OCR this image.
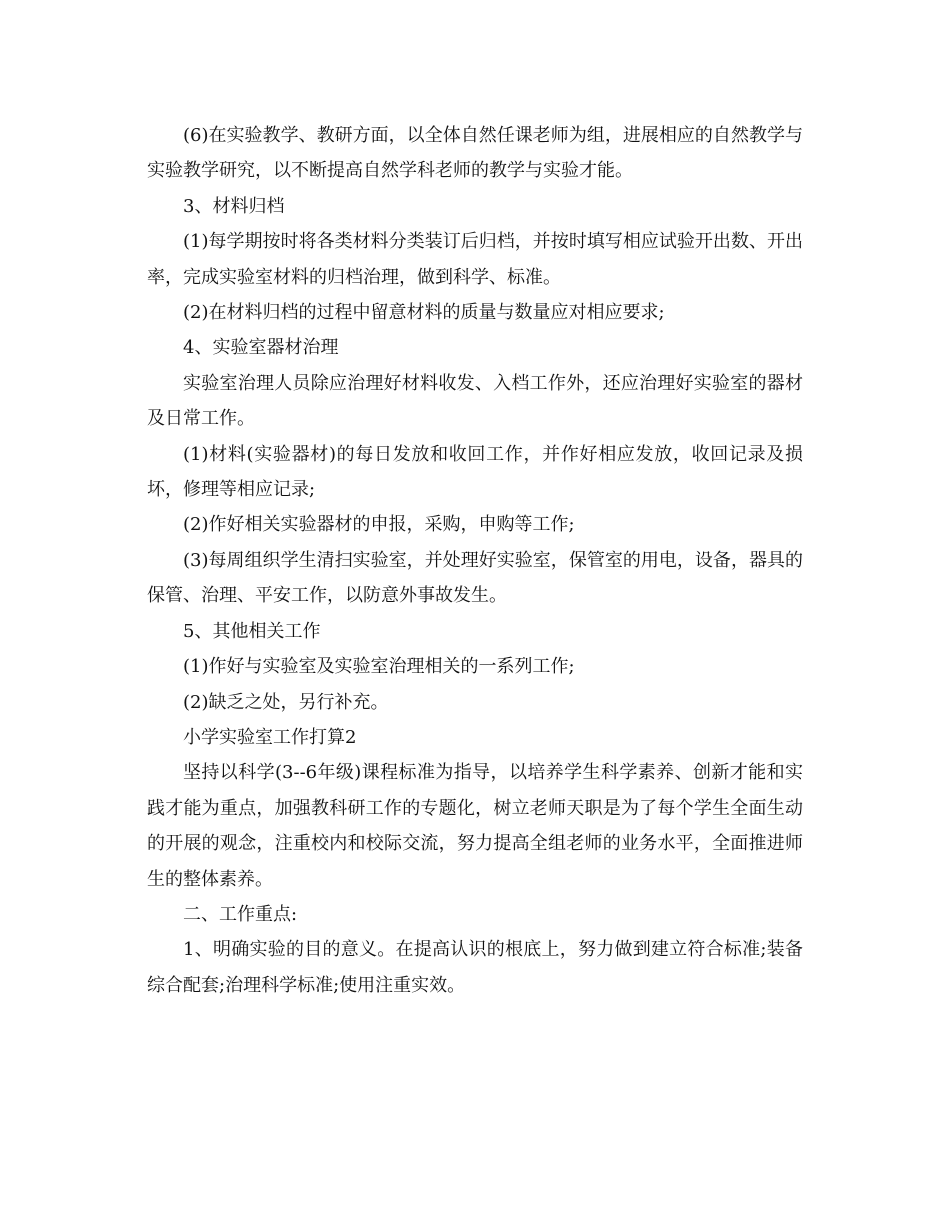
(6)在实验教学、教研方面，以全体自然任课老师为组，进展相应的自然教学与实验教学研究，以不断提高自然学科老师的教学与实验才能。

3、材料归档

(1)每学期按时将各类材料分类装订后归档，并按时填写相应试验开出数、开出率，完成实验室材料的归档治理，做到科学、标准。

(2)在材料归档的过程中留意材料的质量与数量应对相应要求;

4、实验室器材治理

实验室治理人员除应治理好材料收发、入档工作外，还应治理好实验室的器材及日常工作。

(1)材料(实验器材)的每日发放和收回工作，并作好相应发放，收回记录及损坏，修理等相应记录;

(2)作好相关实验器材的申报，采购，申购等工作;

(3)每周组织学生清扫实验室，并处理好实验室，保管室的用电，设备，器具的保管、治理、平安工作，以防意外事故发生。

5、其他相关工作

(1)作好与实验室及实验室治理相关的一系列工作;

(2)缺乏之处，另行补充。

小学实验室工作打算2

坚持以科学(3--6年级)课程标准为指导，以培养学生科学素养、创新才能和实践才能为重点，加强教科研工作的专题化，树立老师天职是为了每个学生全面生动的开展的观念，注重校内和校际交流，努力提高全组老师的业务水平，全面推进师生的整体素养。

二、工作重点:

1、明确实验的目的意义。在提高认识的根底上，努力做到建立符合标准;装备综合配套;治理科学标准;使用注重实效。
